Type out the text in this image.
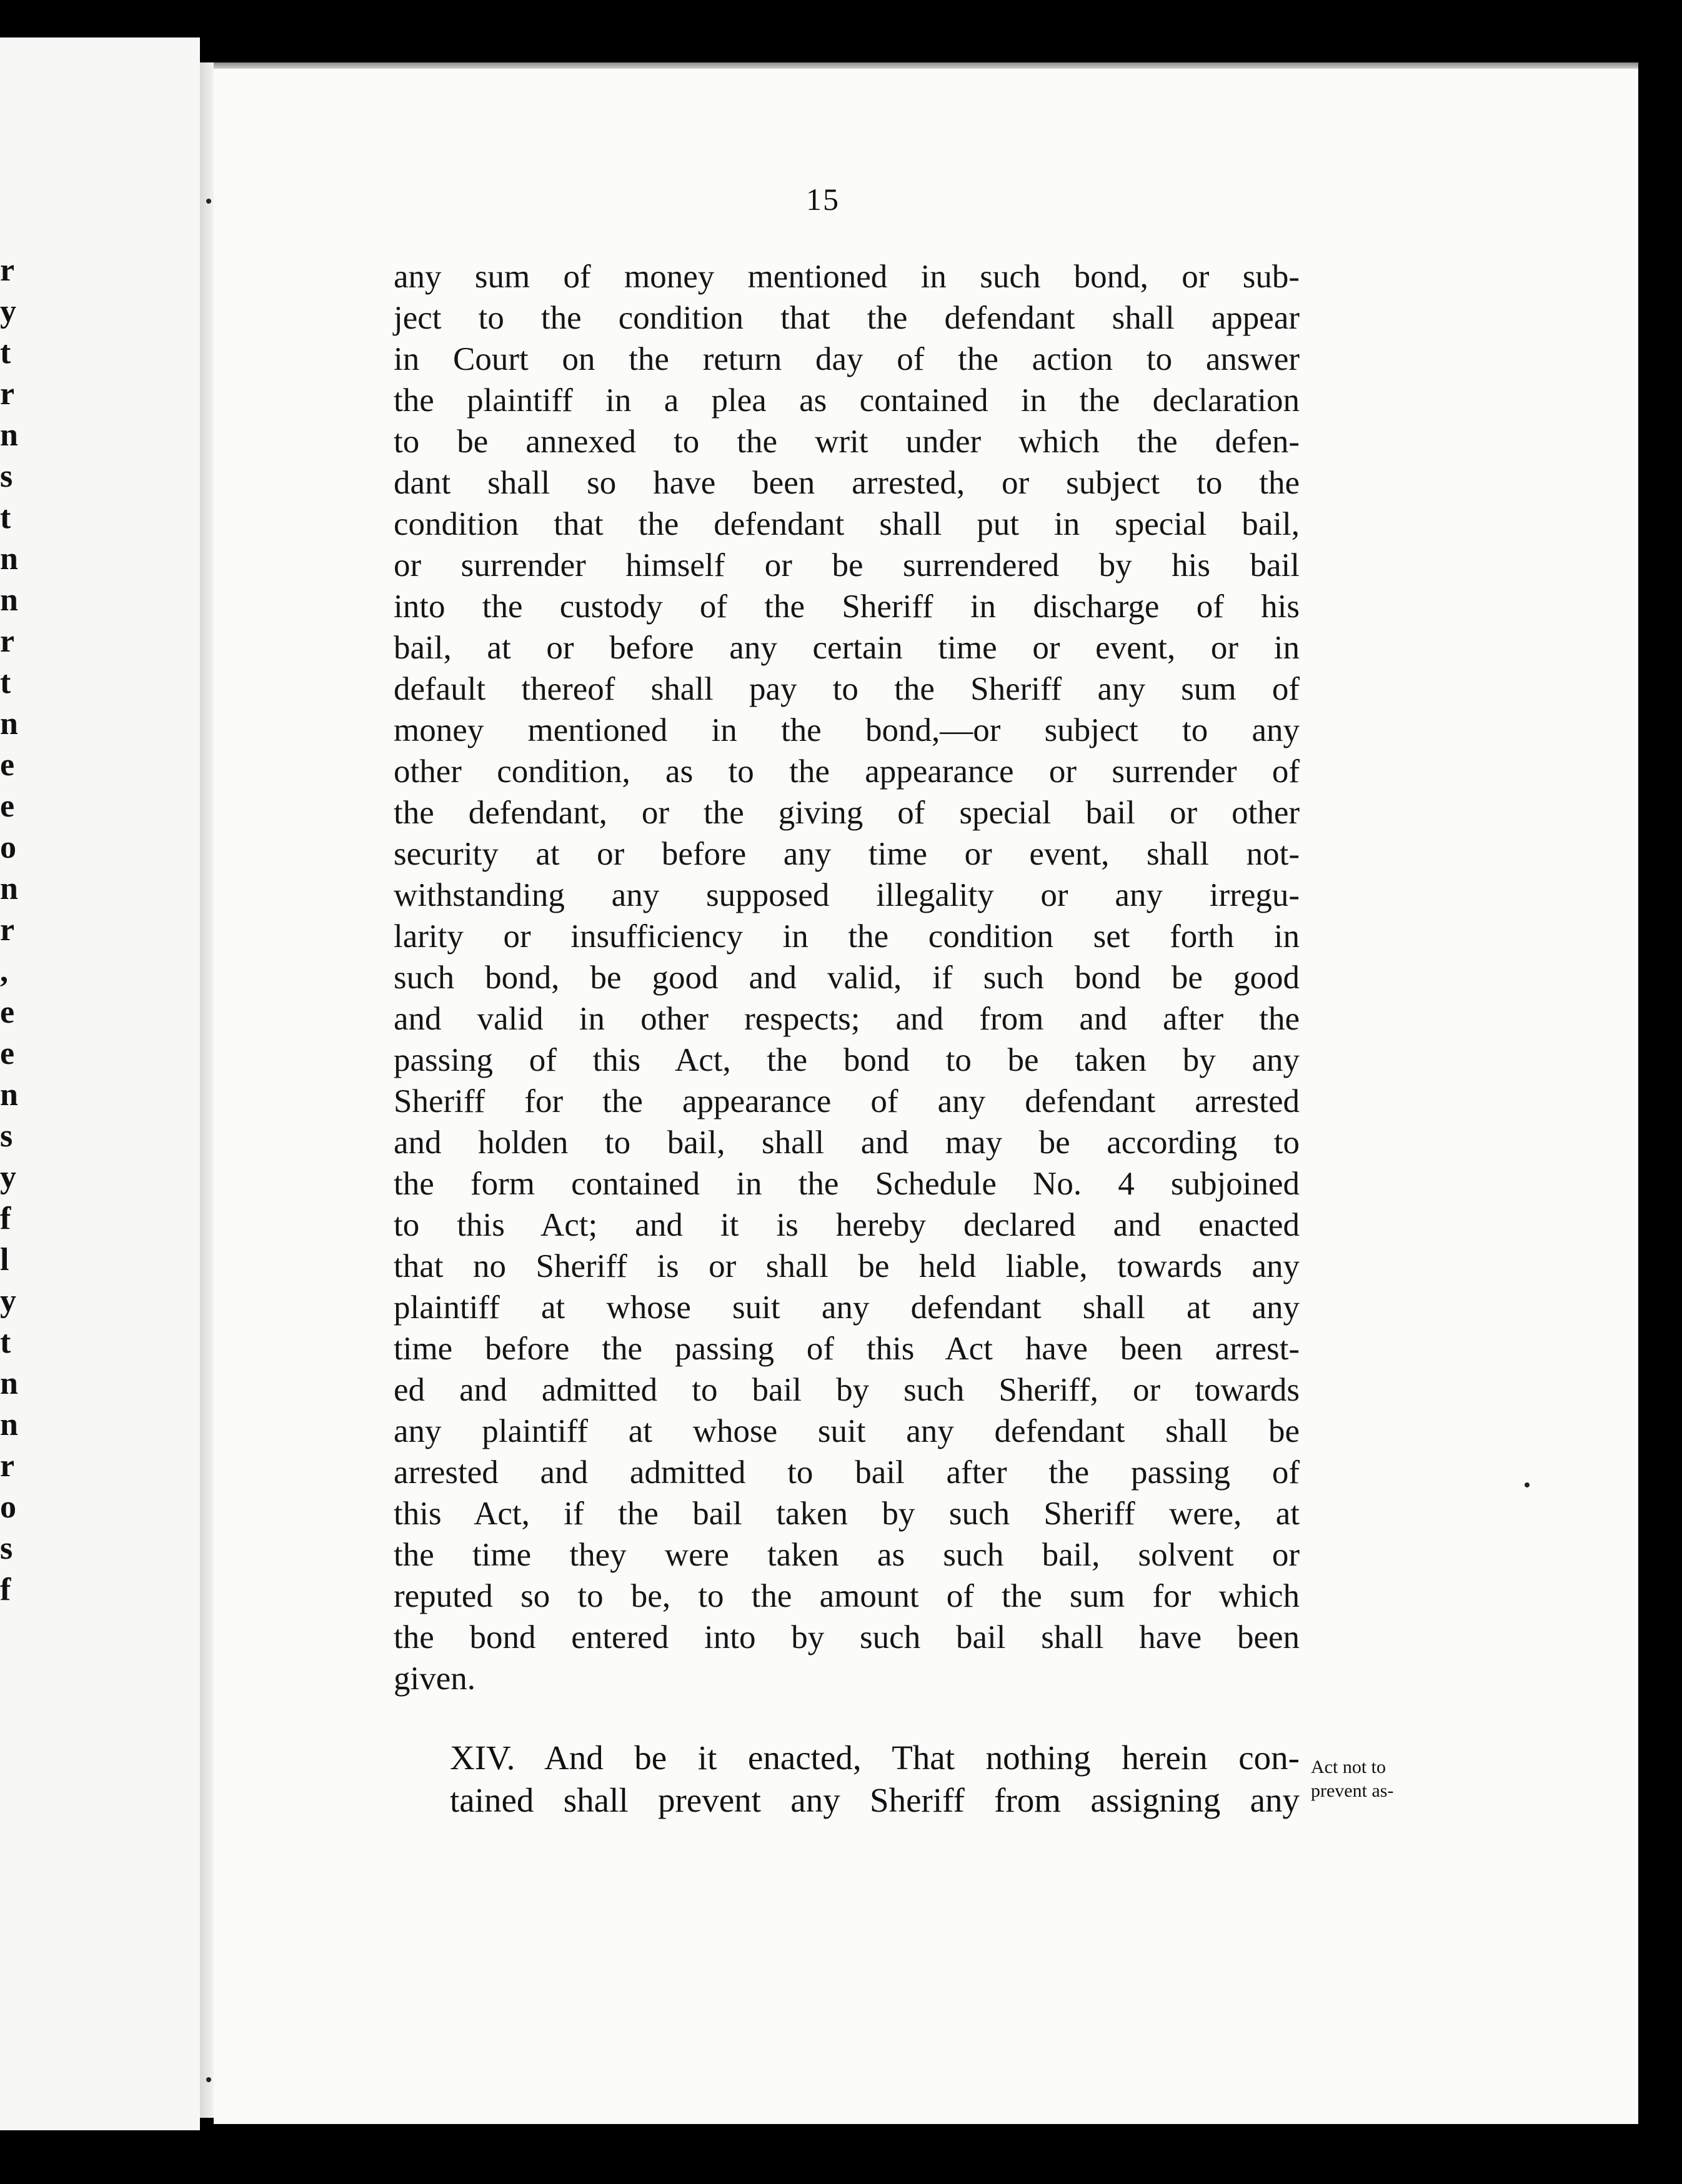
r
y
t
r
n
s
t
n
n
r
t
n
e
e
o
n
r
,
e
e
n
s
y
f
l
y
t
n
n
r
o
s
f
15
any sum of money mentioned in such bond, or sub-
ject to the condition that the defendant shall appear
in Court on the return day of the action to answer
the plaintiff in a plea as contained in the declaration
to be annexed to the writ under which the defen-
dant shall so have been arrested, or subject to the
condition that the defendant shall put in special bail,
or surrender himself or be surrendered by his bail
into the custody of the Sheriff in discharge of his
bail, at or before any certain time or event, or in
default thereof shall pay to the Sheriff any sum of
money mentioned in the bond,—or subject to any
other condition, as to the appearance or surrender of
the defendant, or the giving of special bail or other
security at or before any time or event, shall not-
withstanding any supposed illegality or any irregu-
larity or insufficiency in the condition set forth in
such bond, be good and valid, if such bond be good
and valid in other respects; and from and after the
passing of this Act, the bond to be taken by any
Sheriff for the appearance of any defendant arrested
and holden to bail, shall and may be according to
the form contained in the Schedule No. 4 subjoined
to this Act; and it is hereby declared and enacted
that no Sheriff is or shall be held liable, towards any
plaintiff at whose suit any defendant shall at any
time before the passing of this Act have been arrest-
ed and admitted to bail by such Sheriff, or towards
any plaintiff at whose suit any defendant shall be
arrested and admitted to bail after the passing of
this Act, if the bail taken by such Sheriff were, at
the time they were taken as such bail, solvent or
reputed so to be, to the amount of the sum for which
the bond entered into by such bail shall have been
given.
XIV. And be it enacted, That nothing herein con-
tained shall prevent any Sheriff from assigning any
Act not to
prevent as-
